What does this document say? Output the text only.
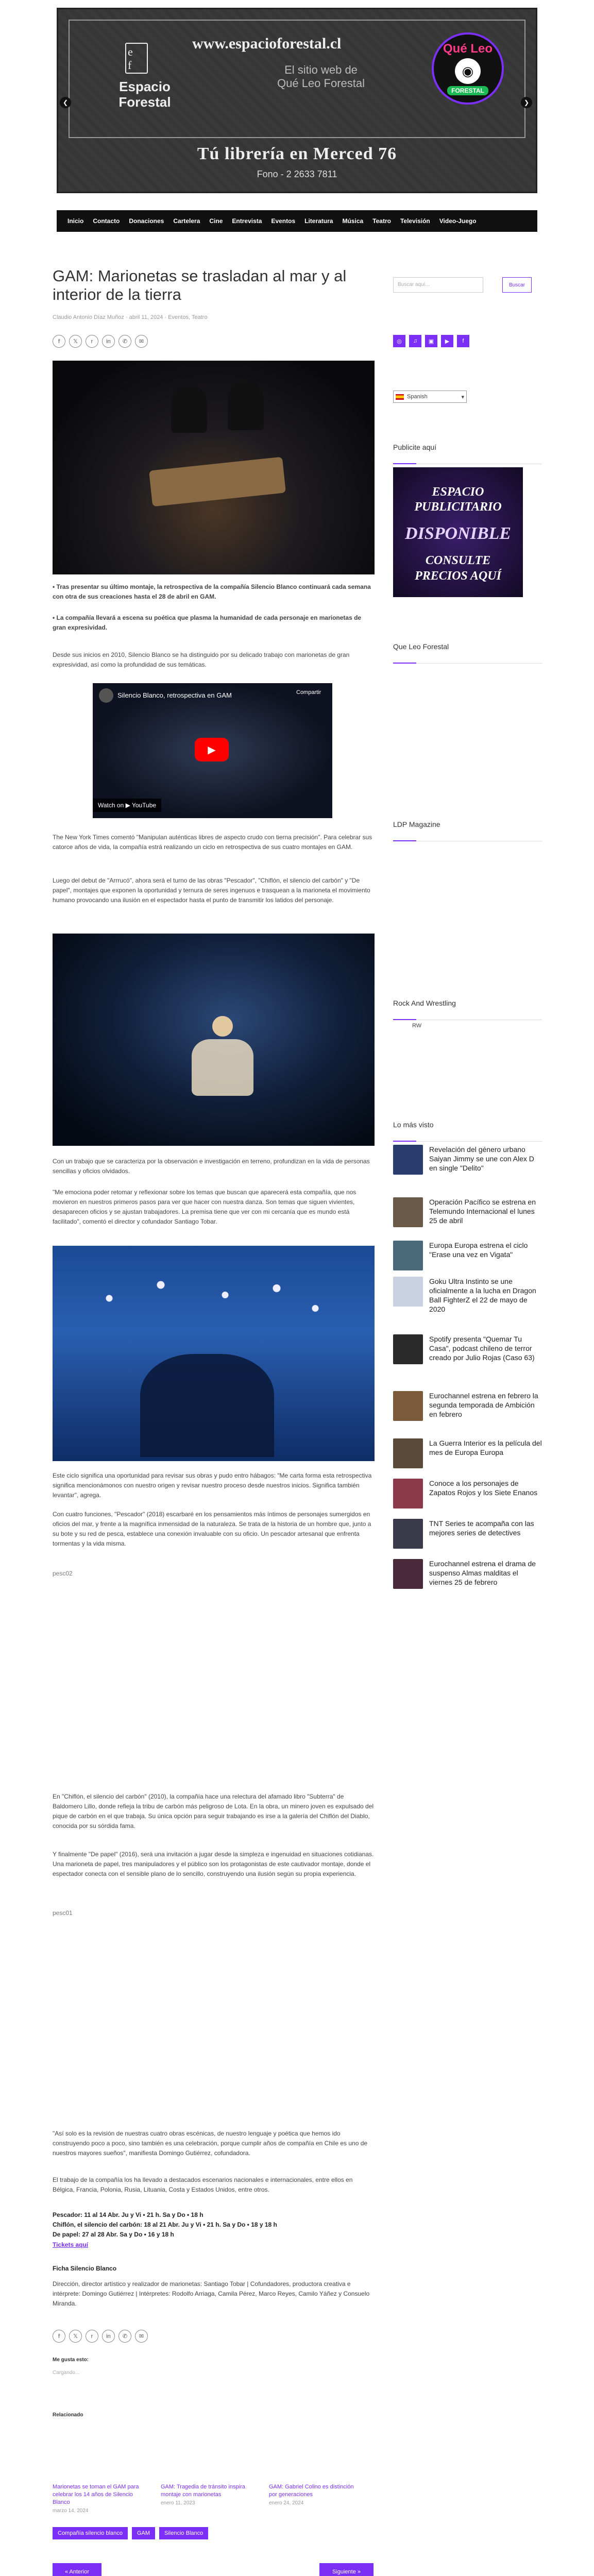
e
f
Espacio
Forestal
www.espacioforestal.cl
El sitio web de
Qué Leo Forestal
Qué Leo
◉
FORESTAL
❮	❯
Tú librería en Merced 76
Fono - 2 2633 7811
Inicio	Contacto	Donaciones	Cartelera	Cine	Entrevista	Eventos	Literatura	Música	Teatro	Televisión	Video-Juego
GAM: Marionetas se trasladan al mar y al interior de la tierra
Claudio Antonio Díaz Muñoz · abril 11, 2024 · Eventos, Teatro
f	𝕏	r	in	✆	✉
• Tras presentar su último montaje, la retrospectiva de la compañía Silencio Blanco continuará cada semana con otra de sus creaciones hasta el 28 de abril en GAM.
• La compañía llevará a escena su poética que plasma la humanidad de cada personaje en marionetas de gran expresividad.
Desde sus inicios en 2010, Silencio Blanco se ha distinguido por su delicado trabajo con marionetas de gran expresividad, así como la profundidad de sus temáticas.
Silencio Blanco, retrospectiva en GAM	Compartir
▶
Watch on ▶ YouTube
The New York Times comentó "Manipulan auténticas libres de aspecto crudo con tierna precisión". Para celebrar sus catorce años de vida, la compañía estrá realizando un ciclo en retrospectiva de sus cuatro montajes en GAM.
Luego del debut de "Arrrucó", ahora será el turno de las obras "Pescador", "Chiflón, el silencio del carbón" y "De papel", montajes que exponen la oportunidad y ternura de seres ingenuos e trasquean a la marioneta el movimiento humano provocando una ilusión en el espectador hasta el punto de transmitir los latidos del personaje.
Con un trabajo que se caracteriza por la observación e investigación en terreno, profundizan en la vida de personas sencillas y oficios olvidados.
"Me emociona poder retomar y reflexionar sobre los temas que buscan que aparecerá esta compañía, que nos movieron en nuestros primeros pasos para ver que hacer con nuestra danza. Son temas que siguen vivientes, desaparecen oficios y se ajustan trabajadores. La premisa tiene que ver con mi cercanía que es mundo está facilitado", comentó el director y cofundador Santiago Tobar.
Este ciclo significa una oportunidad para revisar sus obras y pudo entro hábagos: "Me carta forma esta retrospectiva significa mencionámonos con nuestro origen y revisar nuestro proceso desde nuestros inicios. Significa también levantar", agrega.
Con cuatro funciones, "Pescador" (2018) escarbaré en los pensamientos más íntimos de personajes sumergidos en oficios del mar, y frente a la magnífica inmensidad de la naturaleza. Se trata de la historia de un hombre que, junto a su bote y su red de pesca, establece una conexión invaluable con su oficio. Un pescador artesanal que enfrenta tormentas y la vida misma.
pesc02
En "Chiflón, el silencio del carbón" (2010), la compañía hace una relectura del afamado libro "Subterra" de Baldomero Lillo, donde refieja la tribu de carbón más peligroso de Lota. En la obra, un minero joven es expulsado del pique de carbón en el que trabaja. Su única opción para seguir trabajando es irse a la galería del Chiflón del Diablo, conocida por su sórdida fama.
Y finalmente "De papel" (2016), será una invitación a jugar desde la simpleza e ingenuidad en situaciones cotidianas. Una marioneta de papel, tres manipuladores y el público son los protagonistas de este cautivador montaje, donde el espectador conecta con el sensible plano de lo sencillo, construyendo una ilusión según su propia experiencia.
pesc01
"Así solo es la revisión de nuestras cuatro obras escénicas, de nuestro lenguaje y poética que hemos ido construyendo poco a poco, sino también es una celebración, porque cumplir años de compañía en Chile es uno de nuestros mayores sueños", manifiesta Domingo Gutiérrez, cofundadora.
El trabajo de la compañía los ha llevado a destacados escenarios nacionales e internacionales, entre ellos en Bélgica, Francia, Polonia, Rusia, Lituania, Costa y Estados Unidos, entre otros.
Pescador: 11 al 14 Abr. Ju y Vi • 21 h. Sa y Do • 18 h
Chiflón, el silencio del carbón: 18 al 21 Abr. Ju y Vi • 21 h. Sa y Do • 18 y 18 h
De papel: 27 al 28 Abr. Sa y Do • 16 y 18 h
Tickets aquí
Ficha Silencio Blanco
Dirección, director artístico y realizador de marionetas: Santiago Tobar | Cofundadores, productora creativa e intérprete: Domingo Gutiérrez | Intérpretes: Rodolfo Arriaga, Camila Pérez, Marco Reyes, Camilo Yáñez y Consuelo Miranda.
f	𝕏	r	in	✆	✉
Me gusta esto:
Cargando...
Relacionado
Marionetas se toman el GAM para celebrar los 14 años de Silencio Blanco
marzo 14, 2024
GAM: Tragedia de tránsito inspira montaje con marionetas
enero 11, 2023
GAM: Gabriel Colino es distinción por generaciones
enero 24, 2024
Compañía silencio blanco	GAM	Silencio Blanco
« Anterior	Siguiente »
Buscar aquí...	Buscar
◎	♫	▣	▶	f
Spanish	▾
Publicite aquí
ESPACIO
PUBLICITARIO
DISPONIBLE
CONSULTE
PRECIOS AQUÍ
Que Leo Forestal
LDP Magazine
Rock And Wrestling
RW
Lo más visto
Revelación del género urbano Saiyan Jimmy se une con Alex D en single "Delito"
Operación Pacífico se estrena en Telemundo Internacional el lunes 25 de abril
Europa Europa estrena el ciclo "Erase una vez en Vigata"
Goku Ultra Instinto se une oficialmente a la lucha en Dragon Ball FighterZ el 22 de mayo de 2020
Spotify presenta "Quemar Tu Casa", podcast chileno de terror creado por Julio Rojas (Caso 63)
Eurochannel estrena en febrero la segunda temporada de Ambición en febrero
La Guerra Interior es la película del mes de Europa Europa
Conoce a los personajes de Zapatos Rojos y los Siete Enanos
TNT Series te acompaña con las mejores series de detectives
Eurochannel estrena el drama de suspenso Almas malditas el viernes 25 de febrero
